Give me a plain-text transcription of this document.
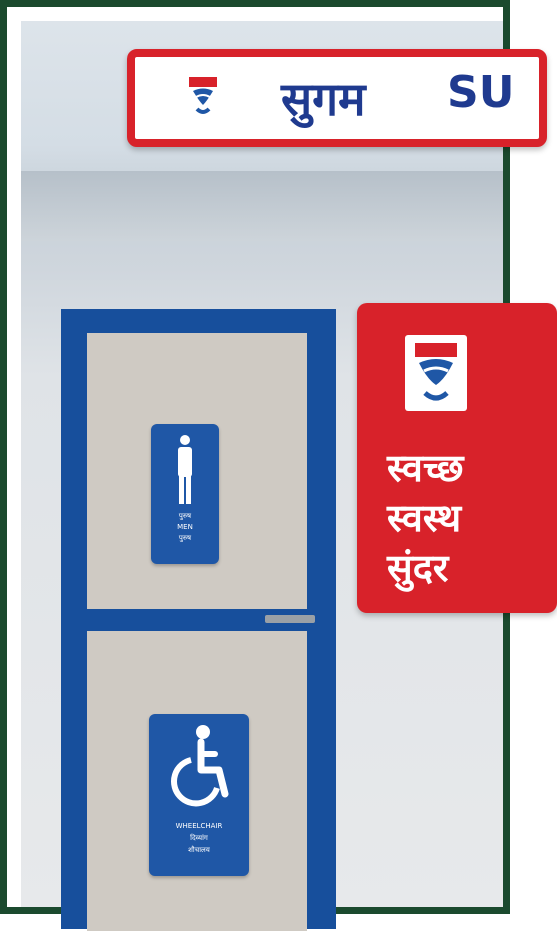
सुगम SU
पुरुष
MEN
पुरुष
WHEELCHAIR
दिव्यांग
शौचालय
स्वच्छ
स्वस्थ
सुंदर
